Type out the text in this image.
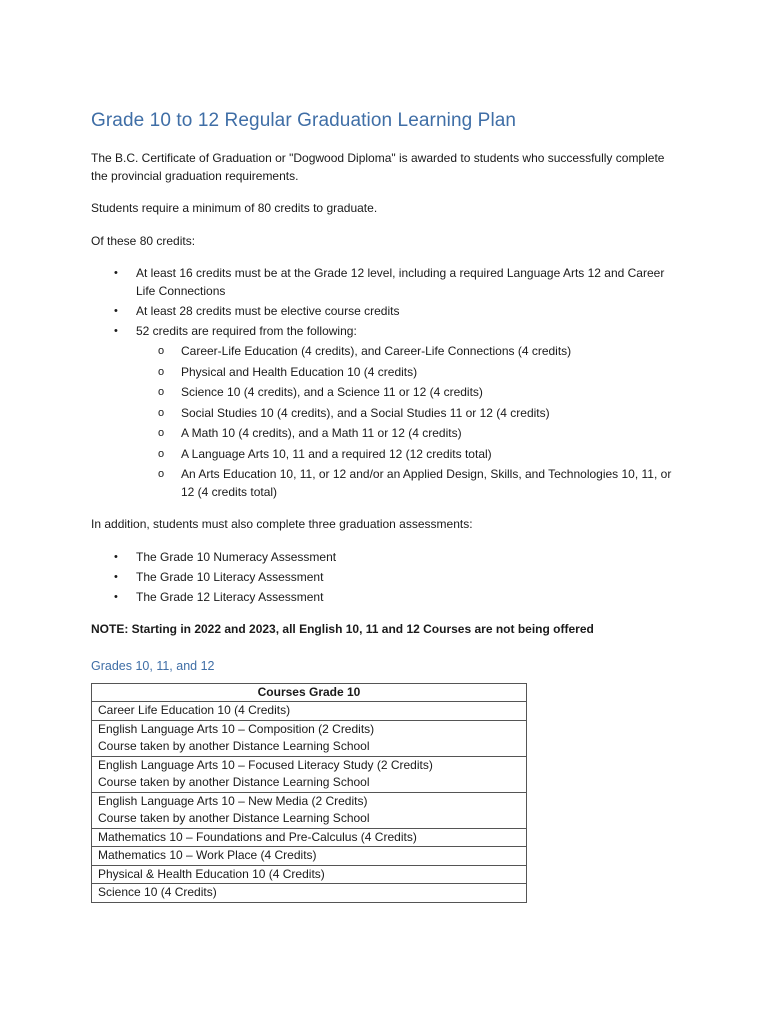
Grade 10 to 12 Regular Graduation Learning Plan

The B.C. Certificate of Graduation or "Dogwood Diploma" is awarded to students who successfully complete the provincial graduation requirements.

Students require a minimum of 80 credits to graduate.

Of these 80 credits:

• At least 16 credits must be at the Grade 12 level, including a required Language Arts 12 and Career Life Connections
• At least 28 credits must be elective course credits
• 52 credits are required from the following:
o Career-Life Education (4 credits), and Career-Life Connections (4 credits)
o Physical and Health Education 10 (4 credits)
o Science 10 (4 credits), and a Science 11 or 12 (4 credits)
o Social Studies 10 (4 credits), and a Social Studies 11 or 12 (4 credits)
o A Math 10 (4 credits), and a Math 11 or 12 (4 credits)
o A Language Arts 10, 11 and a required 12 (12 credits total)
o An Arts Education 10, 11, or 12 and/or an Applied Design, Skills, and Technologies 10, 11, or 12 (4 credits total)

In addition, students must also complete three graduation assessments:

• The Grade 10 Numeracy Assessment
• The Grade 10 Literacy Assessment
• The Grade 12 Literacy Assessment

NOTE: Starting in 2022 and 2023, all English 10, 11 and 12 Courses are not being offered

Grades 10, 11, and 12
Courses Grade 10

Career Life Education 10 (4 Credits)

English Language Arts 10 – Composition (2 Credits)
Course taken by another Distance Learning School

English Language Arts 10 – Focused Literacy Study (2 Credits)
Course taken by another Distance Learning School

English Language Arts 10 – New Media (2 Credits)
Course taken by another Distance Learning School

Mathematics 10 – Foundations and Pre-Calculus (4 Credits)

Mathematics 10 – Work Place (4 Credits)

Physical & Health Education 10 (4 Credits)

Science 10 (4 Credits)
